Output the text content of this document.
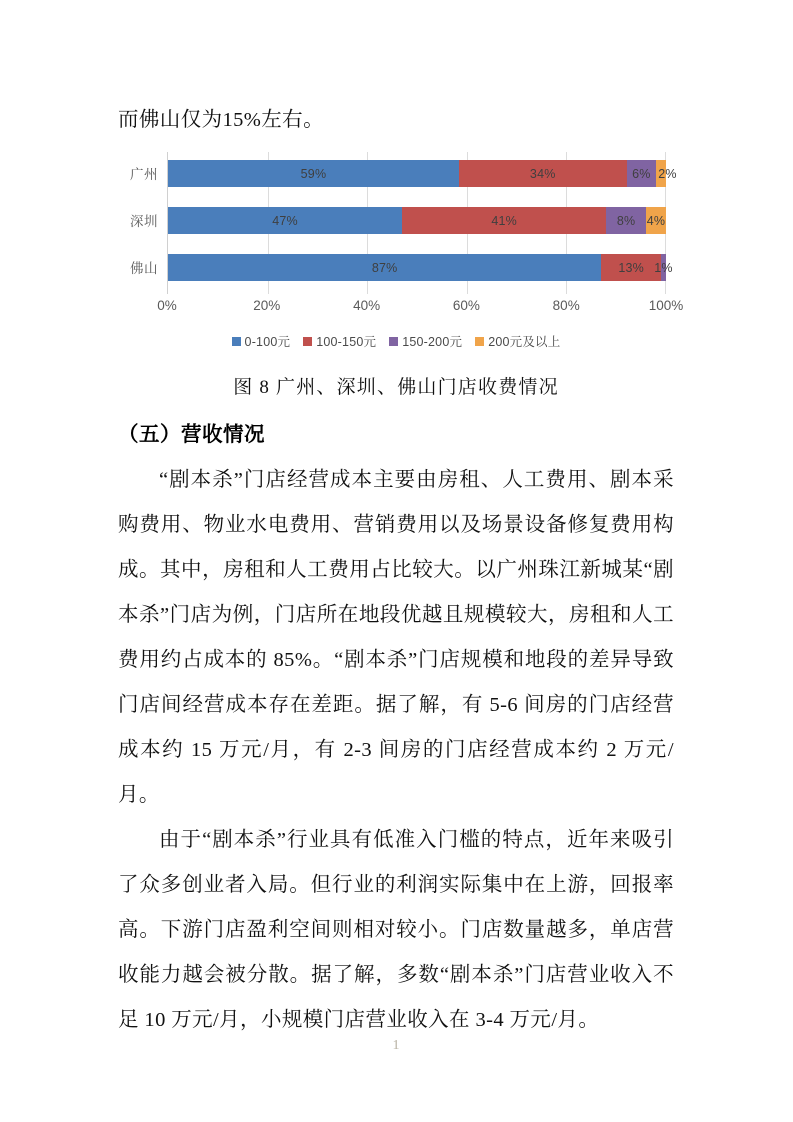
而佛山仅为15%左右。

广州
深圳
佛山
59%	34%	6% 2%
47%	41%	8% 4%
87%	13% 1%
0%	20%	40%	60%	80%	100%
0-100元 100-150元 150-200元 200元及以上

图 8 广州、深圳、佛山门店收费情况

（五）营收情况

“剧本杀”门店经营成本主要由房租、人工费用、剧本采购费用、物业水电费用、营销费用以及场景设备修复费用构成。其中，房租和人工费用占比较大。以广州珠江新城某“剧本杀”门店为例，门店所在地段优越且规模较大，房租和人工费用约占成本的 85%。“剧本杀”门店规模和地段的差异导致门店间经营成本存在差距。据了解，有 5-6 间房的门店经营成本约 15 万元/月，有 2-3 间房的门店经营成本约 2 万元/月。

由于“剧本杀”行业具有低准入门槛的特点，近年来吸引了众多创业者入局。但行业的利润实际集中在上游，回报率高。下游门店盈利空间则相对较小。门店数量越多，单店营收能力越会被分散。据了解，多数“剧本杀”门店营业收入不足 10 万元/月，小规模门店营业收入在 3-4 万元/月。

1
